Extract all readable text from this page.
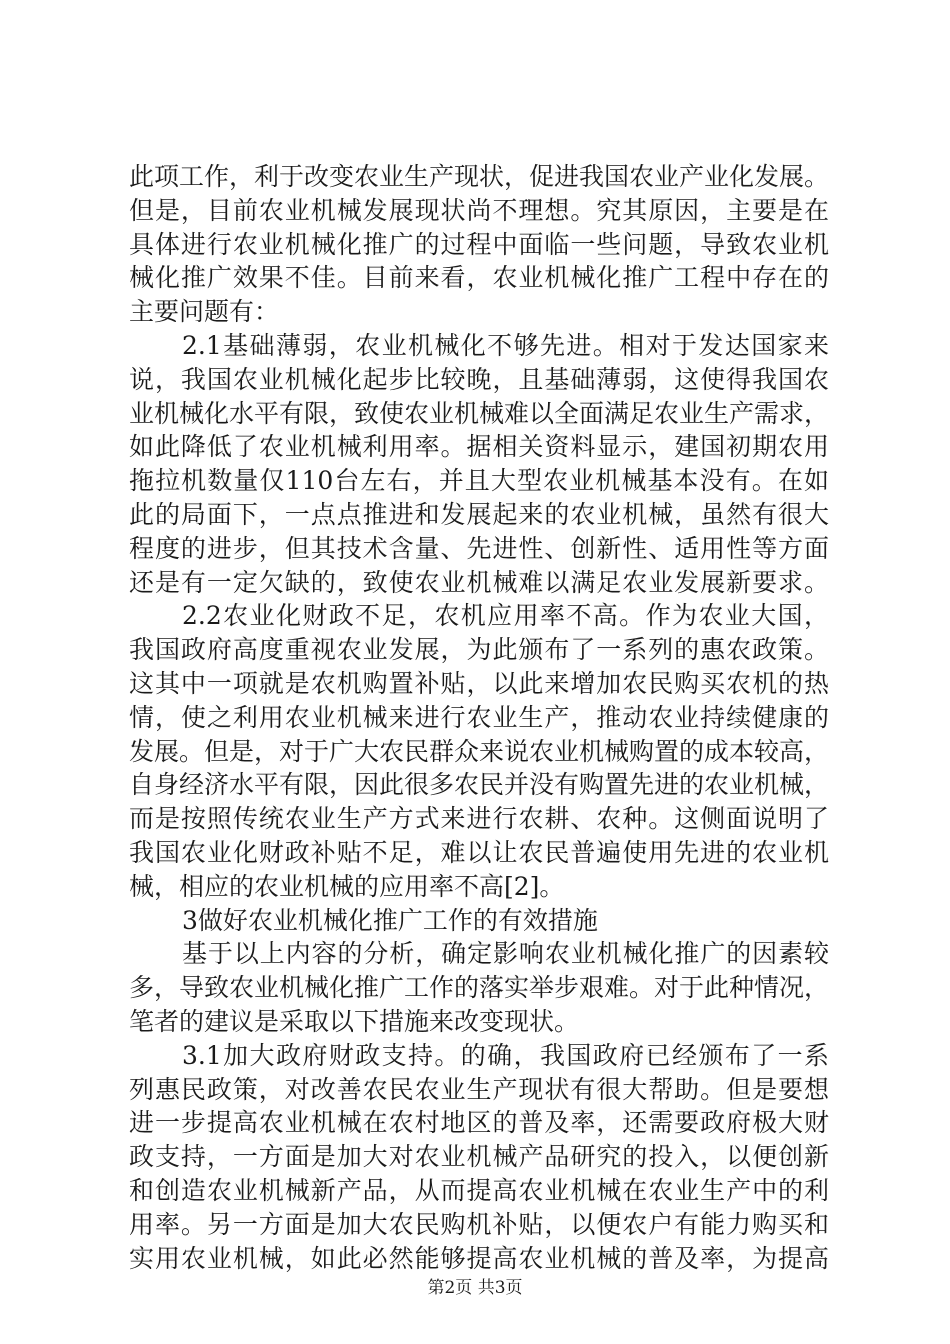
此项工作，利于改变农业生产现状，促进我国农业产业化发展。
但是，目前农业机械发展现状尚不理想。究其原因，主要是在
具体进行农业机械化推广的过程中面临一些问题，导致农业机
械化推广效果不佳。目前来看，农业机械化推广工程中存在的
主要问题有：
2.1基础薄弱，农业机械化不够先进。相对于发达国家来
说，我国农业机械化起步比较晚，且基础薄弱，这使得我国农
业机械化水平有限，致使农业机械难以全面满足农业生产需求，
如此降低了农业机械利用率。据相关资料显示，建国初期农用
拖拉机数量仅110台左右，并且大型农业机械基本没有。在如
此的局面下，一点点推进和发展起来的农业机械，虽然有很大
程度的进步，但其技术含量、先进性、创新性、适用性等方面
还是有一定欠缺的，致使农业机械难以满足农业发展新要求。
2.2农业化财政不足，农机应用率不高。作为农业大国，
我国政府高度重视农业发展，为此颁布了一系列的惠农政策。
这其中一项就是农机购置补贴，以此来增加农民购买农机的热
情，使之利用农业机械来进行农业生产，推动农业持续健康的
发展。但是，对于广大农民群众来说农业机械购置的成本较高，
自身经济水平有限，因此很多农民并没有购置先进的农业机械，
而是按照传统农业生产方式来进行农耕、农种。这侧面说明了
我国农业化财政补贴不足，难以让农民普遍使用先进的农业机
械，相应的农业机械的应用率不高[2]。
3做好农业机械化推广工作的有效措施
基于以上内容的分析，确定影响农业机械化推广的因素较
多，导致农业机械化推广工作的落实举步艰难。对于此种情况，
笔者的建议是采取以下措施来改变现状。
3.1加大政府财政支持。的确，我国政府已经颁布了一系
列惠民政策，对改善农民农业生产现状有很大帮助。但是要想
进一步提高农业机械在农村地区的普及率，还需要政府极大财
政支持，一方面是加大对农业机械产品研究的投入，以便创新
和创造农业机械新产品，从而提高农业机械在农业生产中的利
用率。另一方面是加大农民购机补贴，以便农户有能力购买和
实用农业机械，如此必然能够提高农业机械的普及率，为提高
第2页 共3页
